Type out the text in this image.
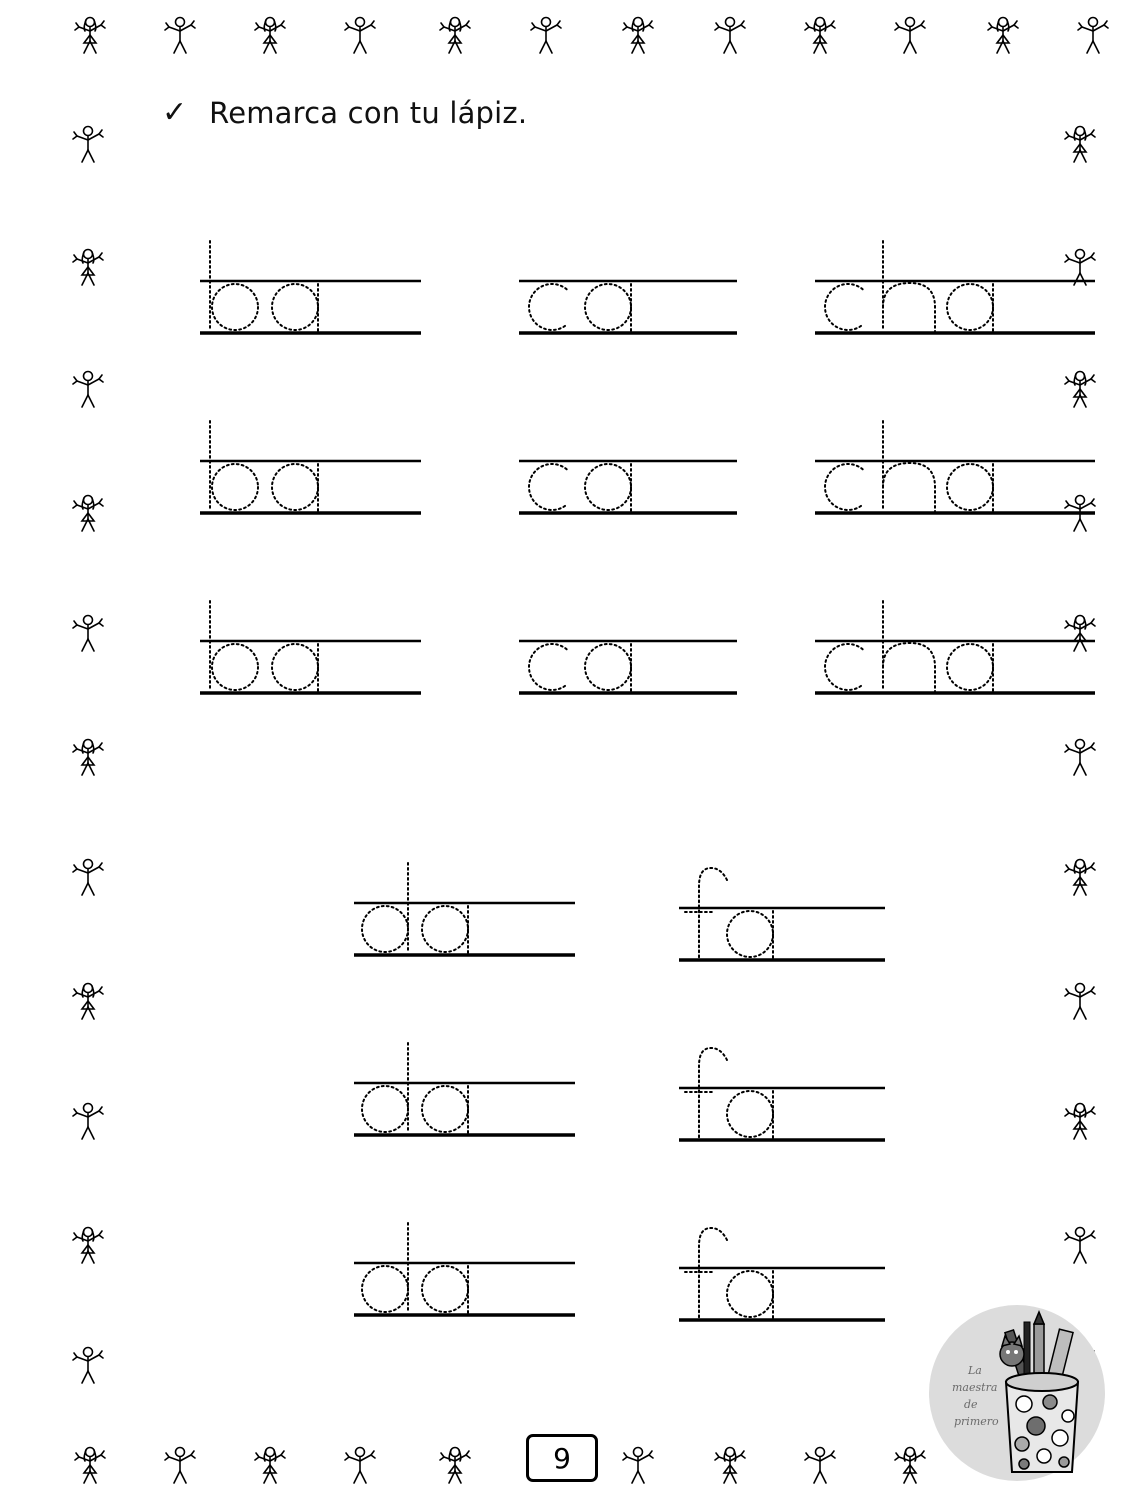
✓ Remarca con tu lápiz.
La
maestra
de
primero
9
